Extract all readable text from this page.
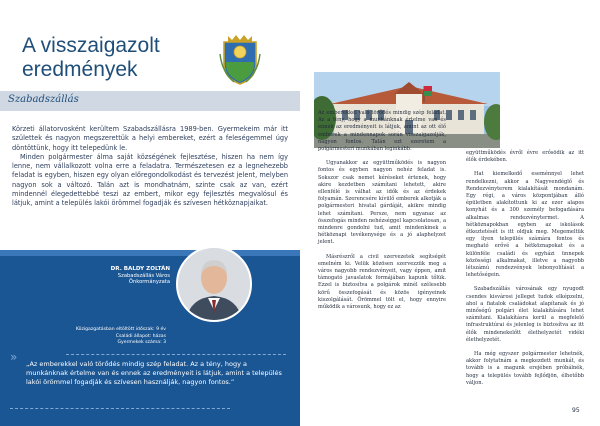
A visszaigazolt
eredmények
Szabadszállás

Körzeti állatorvosként kerültem Szabadszállásra 1989-ben. Gyermekeim már itt születtek és nagyon megszerettük a helyi embereket, ezért a feleségemmel úgy döntöttünk, hogy itt telepedünk le.

Minden polgármester álma saját községének fejlesztése, hiszen ha nem így lenne, nem vállalkozott volna erre a feladatra. Természetesen ez a legnehezebb feladat is egyben, hiszen egy olyan előregondolkodást és tervezést jelent, melyben nagyon sok a változó. Talán azt is mondhatnám, szinte csak az van, ezért mindennél élegedettebbé teszi az embert, mikor egy fejlesztés megvalósul és látjuk, amint a település lakói örömmel fogadják és szívesen hétköznapjaikat.

DR. BALDY ZOLTÁN
Szabadszállás Város
Önkormányzata
Közigazgatásban eltöltött időszak: 9 év
Családi állapot: házas
Gyermekek száma: 3
» „Az emberekkel való törődés mindig szép feladat. Az a tény, hogy a munkánknak értelme van és ennek az eredményeit is látjuk, amint a település lakói örömmel fogadják és szívesen használják, nagyon fontos.”

Az emberekkel való törődés mindig szép feladat. Az a tény, hogy a munkánknak értelme van és ennek az eredményeit is látjuk, amint az ott élő emberek a mindennapok során visszaigazolják, nagyon fontos. Talán ezt szeretem a polgármesteri munkában leginkább.

Ugyanakkor az együttműködés is nagyon fontos és egyben nagyon nehéz feladat is. Sokszor csak nemet kéréseket értenek, hogy akire kezdetben számítani lehetett, akire ellenfélé is válhat az idők és az érdekek folyamán. Szerencsére kívülő emberek alkotják a polgármesteri hivatal gárdáját, akikre mindig lehet számítani. Persze, nem ugyanaz az összefogás minden nehézséggel kapcsolatosan, a mindenre gondolni tud, amit mindenkinek a hétköznapi tevékenysége és a jó alaphelyzet jelent.

Másrészről a civil szervezetek segítségét emelném ki. Velük közösen szervezzük meg a város nagyobb rendezvényeit, vagy éppen, amit támogató javaslatok formájában kapunk tőlük. Ezzel is biztosítva a polgárok minél szélesebb körű összefogását és közös igényeinek kiszolgálását. Örömmel tölt el, hogy ennyire működik a városunk, hogy ez az

együttműködés évről évre erősödik az itt élők érdekében.

Hat kiemelkedő eseménnyel lehet rendelkezni, akkor a Nagyvendéglő és Rendezvényterem kialakítását mondanám. Egy régi, a város központjában álló épületben alakítottunk ki az ezer alapos konyhát és a 300 személy befogadására alkalmas rendezvénytermet. A hétköznapokban egyben az iskolások étkeztetését is itt oldjuk meg. Megemeltük egy ilyen település számára fontos és megható erővé a hétköznapokat és a különféle családi és egyházi ünnepek közösségi alkalmakat, illetve a nagyobb létszámú rendezvények lebonyolítását a lehetőségein.

Szabadszállás városának egy nyugodt csendes kisvárosi jelleget tudok elképzelni, ahol a fiatalok családokat alapítanak és jó minőségű polgári élet kialakítására lehet számítani. Kialakításra kerül a megfelelő infrastruktúrai és jelenleg is biztosítva az itt élők mindenekelőtt élethelyzetét vidéki élethelyzetét.

Ha még egyszer polgármester lehetnék, akkor folytatnám a megkezdett munkát, és tovább is a magunk erejében próbálnék, hogy a település tovább fejlődjön, élhetőbb váljon.

95
